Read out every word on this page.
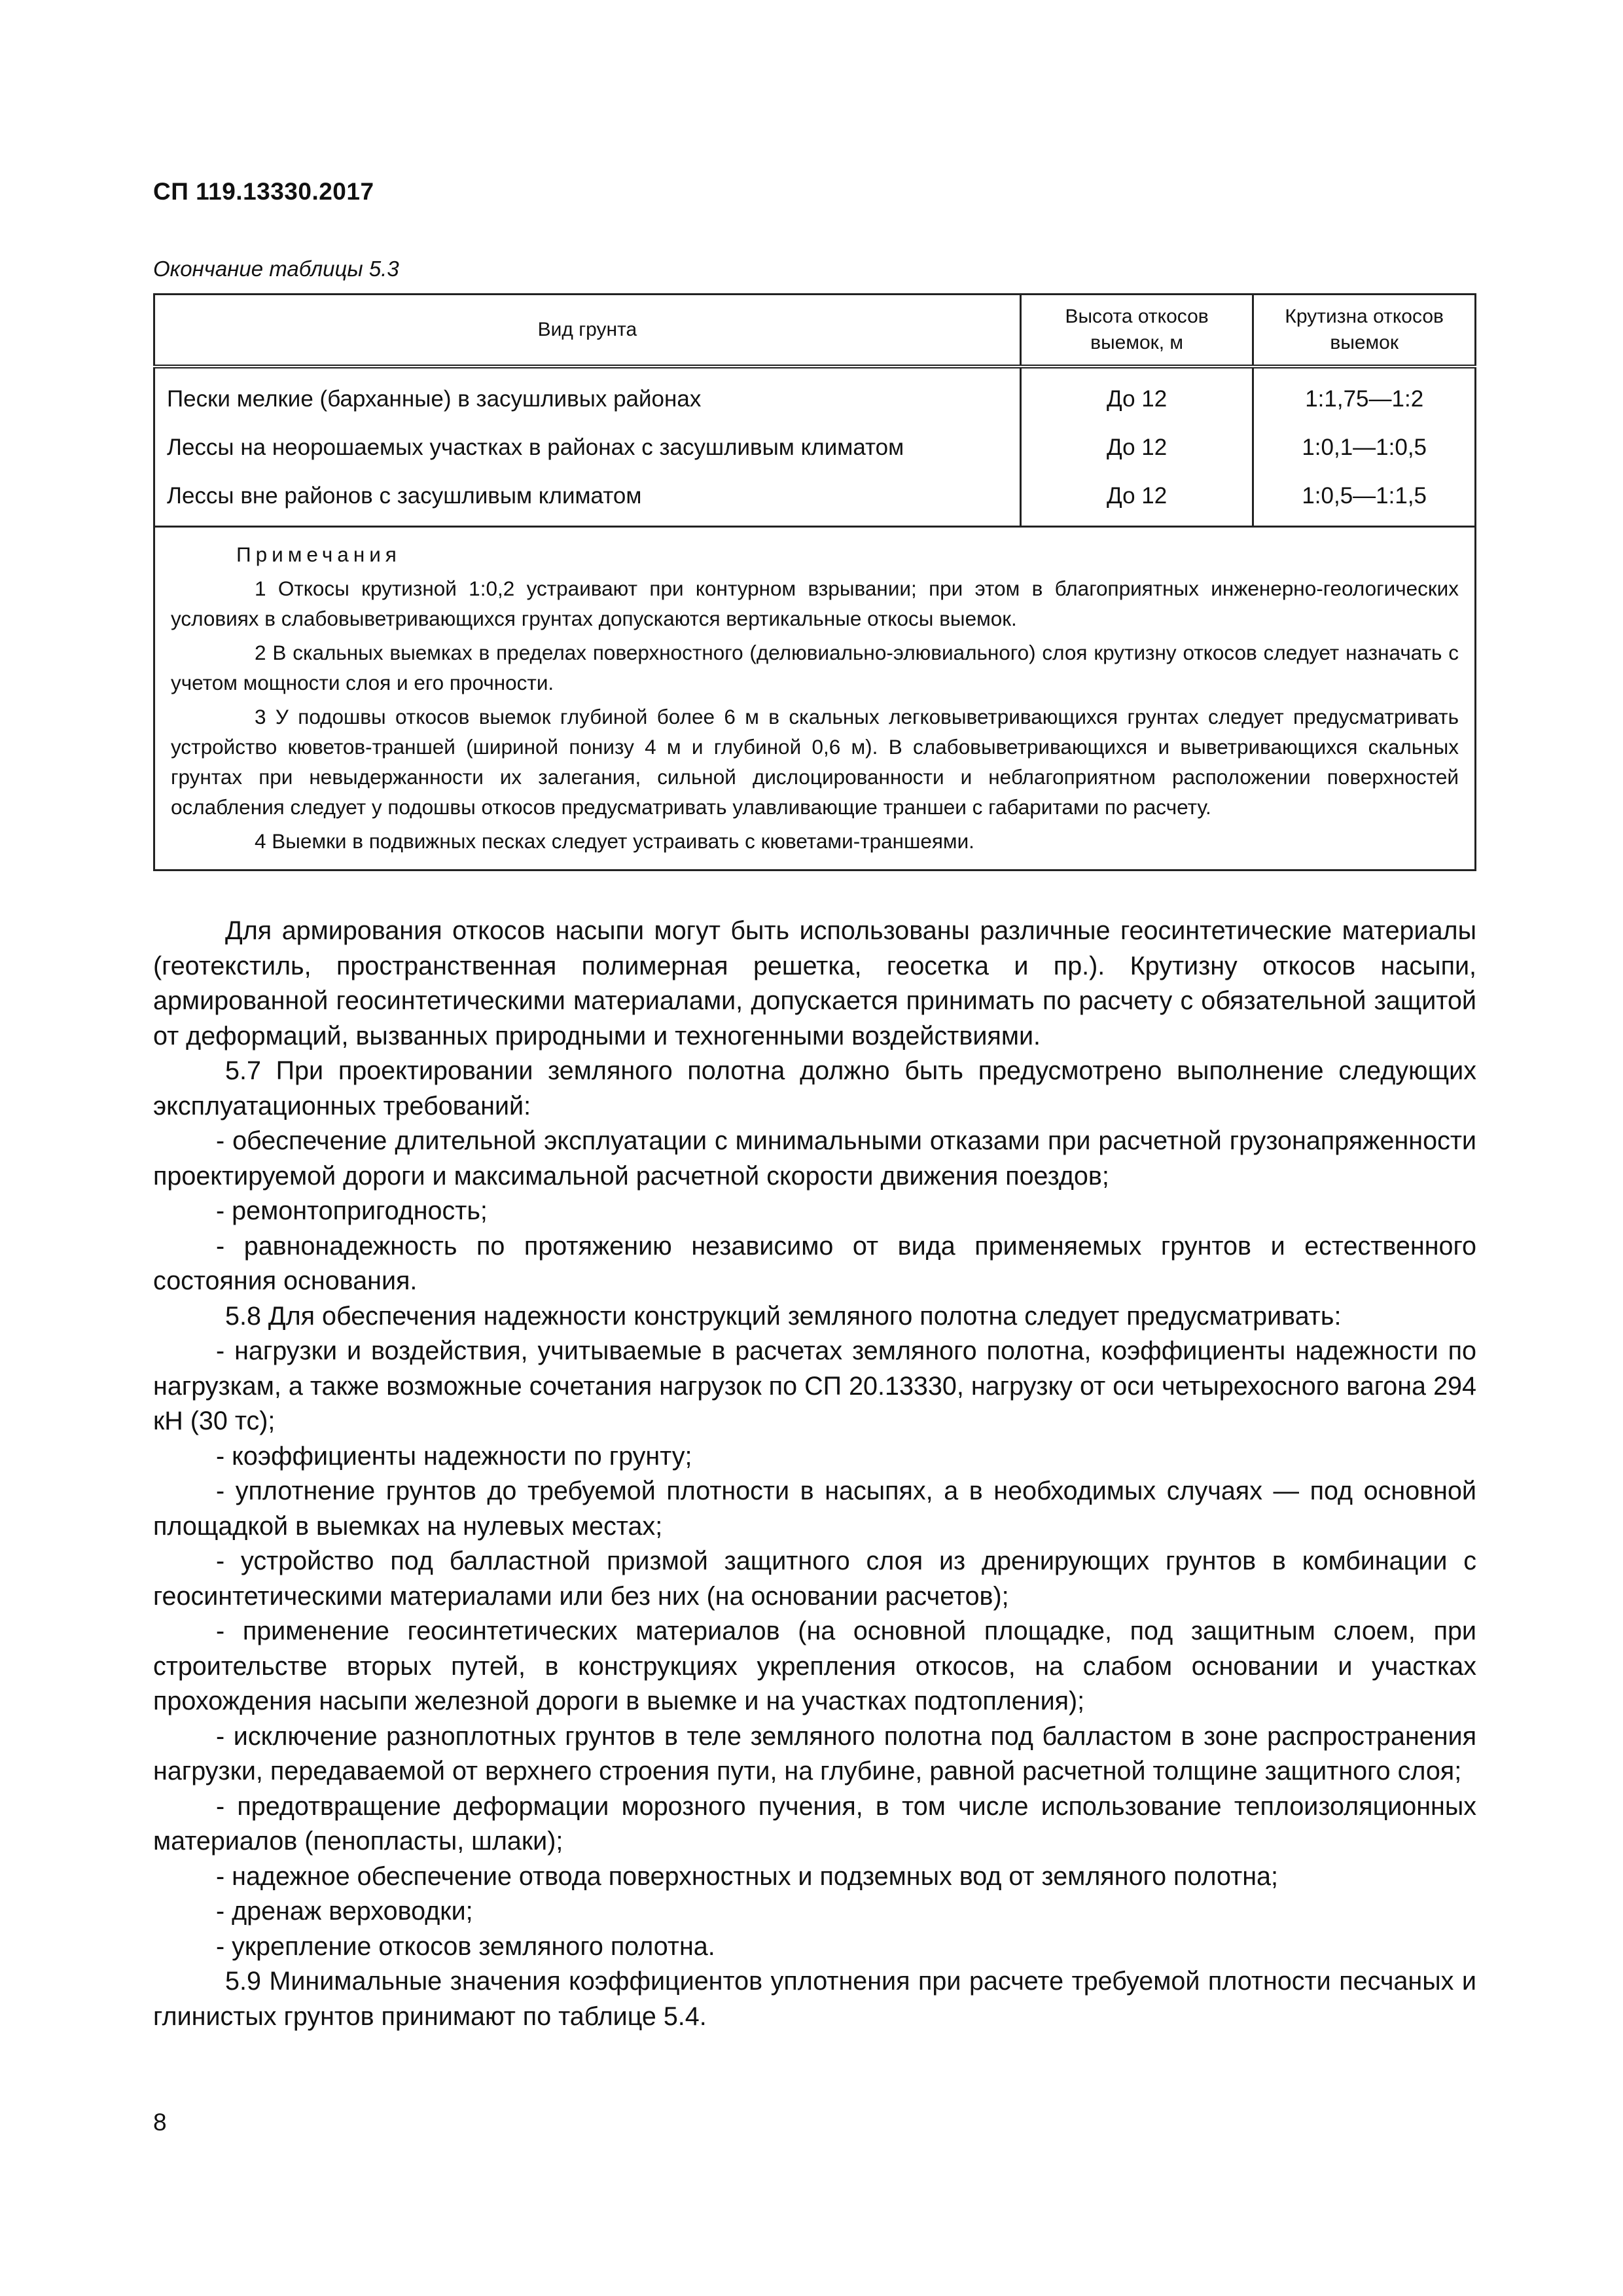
СП 119.13330.2017
Окончание таблицы 5.3
Вид грунта	Высота откосов выемок, м	Крутизна откосов выемок
Пески мелкие (барханные) в засушливых районах	До 12	1:1,75—1:2
Лессы на неорошаемых участках в районах с засушливым климатом	До 12	1:0,1—1:0,5
Лессы вне районов с засушливым климатом	До 12	1:0,5—1:1,5

Примечания

1 Откосы крутизной 1:0,2 устраивают при контурном взрывании; при этом в благоприятных инженерно-геологических условиях в слабовыветривающихся грунтах допускаются вертикальные откосы выемок.

2 В скальных выемках в пределах поверхностного (делювиально-элювиального) слоя крутизну откосов следует назначать с учетом мощности слоя и его прочности.

3 У подошвы откосов выемок глубиной более 6 м в скальных легковыветривающихся грунтах следует предусматривать устройство кюветов-траншей (шириной понизу 4 м и глубиной 0,6 м). В слабовыветривающихся и выветривающихся скальных грунтах при невыдержанности их залегания, сильной дислоцированности и неблагоприятном расположении поверхностей ослабления следует у подошвы откосов предусматривать улавливающие траншеи с габаритами по расчету.

4 Выемки в подвижных песках следует устраивать с кюветами-траншеями.		

Для армирования откосов насыпи могут быть использованы различные геосинтетические материалы (геотекстиль, пространственная полимерная решетка, геосетка и пр.). Крутизну откосов насыпи, армированной геосинтетическими материалами, допускается принимать по расчету с обязательной защитой от деформаций, вызванных природными и техногенными воздействиями.

5.7 При проектировании земляного полотна должно быть предусмотрено выполнение следующих эксплуатационных требований:

- обеспечение длительной эксплуатации с минимальными отказами при расчетной грузонапряженности проектируемой дороги и максимальной расчетной скорости движения поездов;

- ремонтопригодность;

- равнонадежность по протяжению независимо от вида применяемых грунтов и естественного состояния основания.

5.8 Для обеспечения надежности конструкций земляного полотна следует предусматривать:

- нагрузки и воздействия, учитываемые в расчетах земляного полотна, коэффициенты надежности по нагрузкам, а также возможные сочетания нагрузок по СП 20.13330, нагрузку от оси четырехосного вагона 294 кН (30 тс);

- коэффициенты надежности по грунту;

- уплотнение грунтов до требуемой плотности в насыпях, а в необходимых случаях — под основной площадкой в выемках на нулевых местах;

- устройство под балластной призмой защитного слоя из дренирующих грунтов в комбинации с геосинтетическими материалами или без них (на основании расчетов);

- применение геосинтетических материалов (на основной площадке, под защитным слоем, при строительстве вторых путей, в конструкциях укрепления откосов, на слабом основании и участках прохождения насыпи железной дороги в выемке и на участках подтопления);

- исключение разноплотных грунтов в теле земляного полотна под балластом в зоне распространения нагрузки, передаваемой от верхнего строения пути, на глубине, равной расчетной толщине защитного слоя;

- предотвращение деформации морозного пучения, в том числе использование теплоизоляционных материалов (пенопласты, шлаки);

- надежное обеспечение отвода поверхностных и подземных вод от земляного полотна;

- дренаж верховодки;

- укрепление откосов земляного полотна.

5.9 Минимальные значения коэффициентов уплотнения при расчете требуемой плотности песчаных и глинистых грунтов принимают по таблице 5.4.

8
